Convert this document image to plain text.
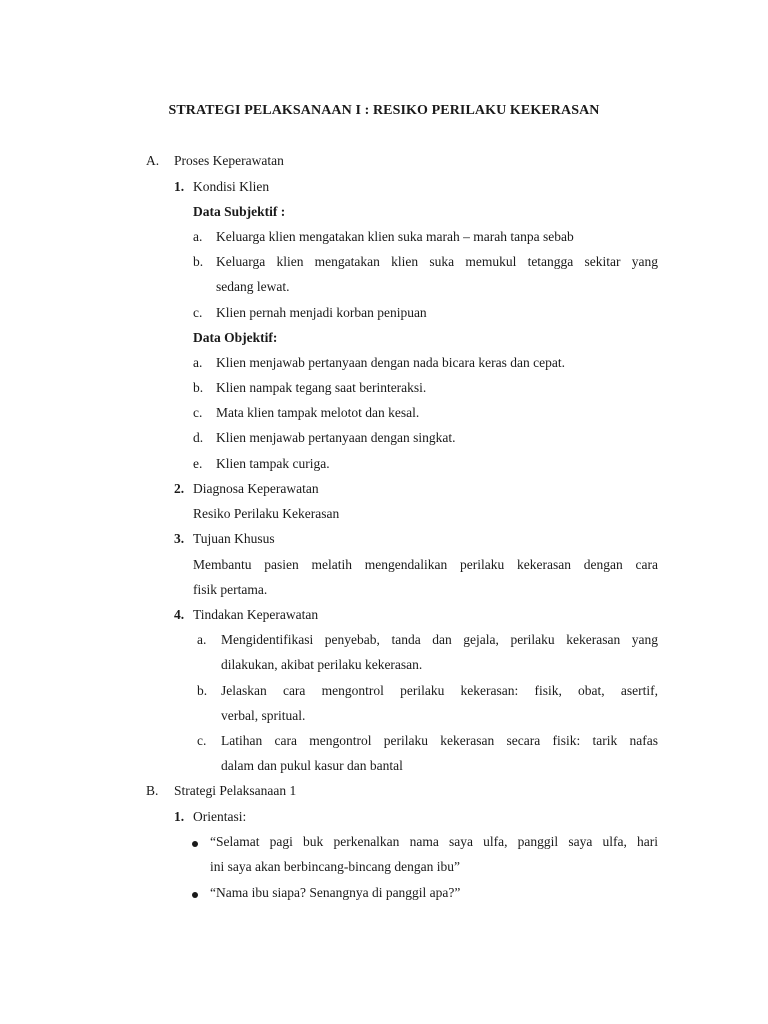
STRATEGI PELAKSANAAN I : RESIKO PERILAKU KEKERASAN
A. Proses Keperawatan
1. Kondisi Klien
Data Subjektif :
a. Keluarga klien mengatakan klien suka marah – marah tanpa sebab
b. Keluarga klien mengatakan klien suka memukul tetangga sekitar yang
sedang lewat.
c. Klien pernah menjadi korban penipuan
Data Objektif:
a. Klien menjawab pertanyaan dengan nada bicara keras dan cepat.
b. Klien nampak tegang saat berinteraksi.
c. Mata klien tampak melotot dan kesal.
d. Klien menjawab pertanyaan dengan singkat.
e. Klien tampak curiga.
2. Diagnosa Keperawatan
Resiko Perilaku Kekerasan
3. Tujuan Khusus
Membantu pasien melatih mengendalikan perilaku kekerasan dengan cara
fisik pertama.
4. Tindakan Keperawatan
a. Mengidentifikasi penyebab, tanda dan gejala, perilaku kekerasan yang
dilakukan, akibat perilaku kekerasan.
b. Jelaskan cara mengontrol perilaku kekerasan: fisik, obat, asertif,
verbal, spritual.
c. Latihan cara mengontrol perilaku kekerasan secara fisik: tarik nafas
dalam dan pukul kasur dan bantal
B. Strategi Pelaksanaan 1
1. Orientasi:
“Selamat pagi buk perkenalkan nama saya ulfa, panggil saya ulfa, hari
ini saya akan berbincang-bincang dengan ibu”
“Nama ibu siapa? Senangnya di panggil apa?”
